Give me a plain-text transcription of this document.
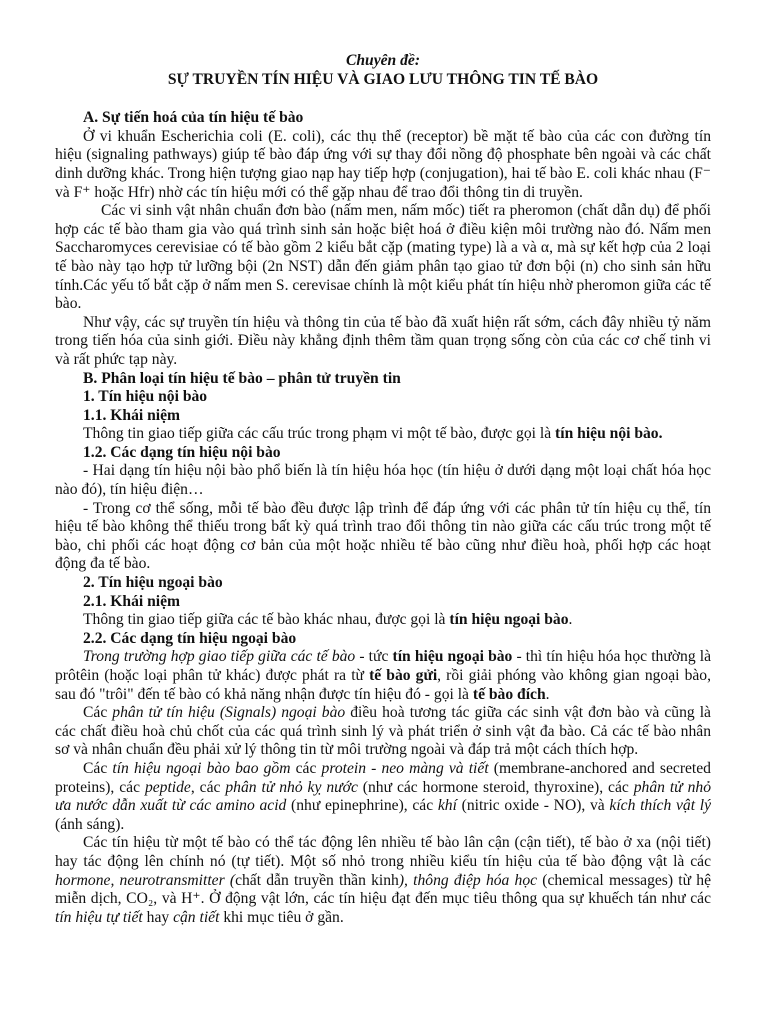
Chuyên đề:

SỰ TRUYỀN TÍN HIỆU VÀ GIAO LƯU THÔNG TIN TẾ BÀO

A. Sự tiến hoá của tín hiệu tế bào

Ở vi khuẩn Escherichia coli (E. coli), các thụ thể (receptor) bề mặt tế bào của các con đường tín hiệu (signaling pathways) giúp tế bào đáp ứng với sự thay đổi nồng độ phosphate bên ngoài và các chất dinh dưỡng khác. Trong hiện tượng giao nạp hay tiếp hợp (conjugation), hai tế bào E. coli khác nhau (F⁻ và F⁺ hoặc Hfr) nhờ các tín hiệu mới có thể gặp nhau để trao đổi thông tin di truyền.

Các vi sinh vật nhân chuẩn đơn bào (nấm men, nấm mốc) tiết ra pheromon (chất dẫn dụ) để phối hợp các tế bào tham gia vào quá trình sinh sản hoặc biệt hoá ở điều kiện môi trường nào đó. Nấm men Saccharomyces cerevisiae có tế bào gồm 2 kiểu bắt cặp (mating type) là a và α, mà sự kết hợp của 2 loại tế bào này tạo hợp tử lưỡng bội (2n NST) dẫn đến giảm phân tạo giao tử đơn bội (n) cho sinh sản hữu tính.Các yếu tố bắt cặp ở nấm men S. cerevisae chính là một kiểu phát tín hiệu nhờ pheromon giữa các tế bào.

Như vậy, các sự truyền tín hiệu và thông tin của tế bào đã xuất hiện rất sớm, cách đây nhiều tỷ năm trong tiến hóa của sinh giới. Điều này khẳng định thêm tầm quan trọng sống còn của các cơ chế tinh vi và rất phức tạp này.

B. Phân loại tín hiệu tế bào – phân tử truyền tin

1. Tín hiệu nội bào

1.1. Khái niệm

Thông tin giao tiếp giữa các cấu trúc trong phạm vi một tế bào, được gọi là tín hiệu nội bào.

1.2. Các dạng tín hiệu nội bào

- Hai dạng tín hiệu nội bào phổ biến là tín hiệu hóa học (tín hiệu ở dưới dạng một loại chất hóa học nào đó), tín hiệu điện…

- Trong cơ thể sống, mỗi tế bào đều được lập trình để đáp ứng với các phân tử tín hiệu cụ thể, tín hiệu tế bào không thể thiếu trong bất kỳ quá trình trao đổi thông tin nào giữa các cấu trúc trong một tế bào, chi phối các hoạt động cơ bản của một hoặc nhiều tế bào cũng như điều hoà, phối hợp các hoạt động đa tế bào.

2. Tín hiệu ngoại bào

2.1. Khái niệm

Thông tin giao tiếp giữa các tế bào khác nhau, được gọi là tín hiệu ngoại bào.

2.2. Các dạng tín hiệu ngoại bào

Trong trường hợp giao tiếp giữa các tế bào - tức tín hiệu ngoại bào - thì tín hiệu hóa học thường là prôtêin (hoặc loại phân tử khác) được phát ra từ tế bào gửi, rồi giải phóng vào không gian ngoại bào, sau đó "trôi" đến tế bào có khả năng nhận được tín hiệu đó - gọi là tế bào đích.

Các phân tử tín hiệu (Signals) ngoại bào điều hoà tương tác giữa các sinh vật đơn bào và cũng là các chất điều hoà chủ chốt của các quá trình sinh lý và phát triển ở sinh vật đa bào. Cả các tế bào nhân sơ và nhân chuẩn đều phải xử lý thông tin từ môi trường ngoài và đáp trả một cách thích hợp.

Các tín hiệu ngoại bào bao gồm các protein - neo màng và tiết (membrane-anchored and secreted proteins), các peptide, các phân tử nhỏ kỵ nước (như các hormone steroid, thyroxine), các phân tử nhỏ ưa nước dẫn xuất từ các amino acid (như epinephrine), các khí (nitric oxide - NO), và kích thích vật lý (ánh sáng).

Các tín hiệu từ một tế bào có thể tác động lên nhiều tế bào lân cận (cận tiết), tế bào ở xa (nội tiết) hay tác động lên chính nó (tự tiết). Một số nhỏ trong nhiều kiểu tín hiệu của tế bào động vật là các hormone, neurotransmitter (chất dẫn truyền thần kinh), thông điệp hóa học (chemical messages) từ hệ miễn dịch, CO₂, và H⁺. Ở động vật lớn, các tín hiệu đạt đến mục tiêu thông qua sự khuếch tán như các tín hiệu tự tiết hay cận tiết khi mục tiêu ở gần.
